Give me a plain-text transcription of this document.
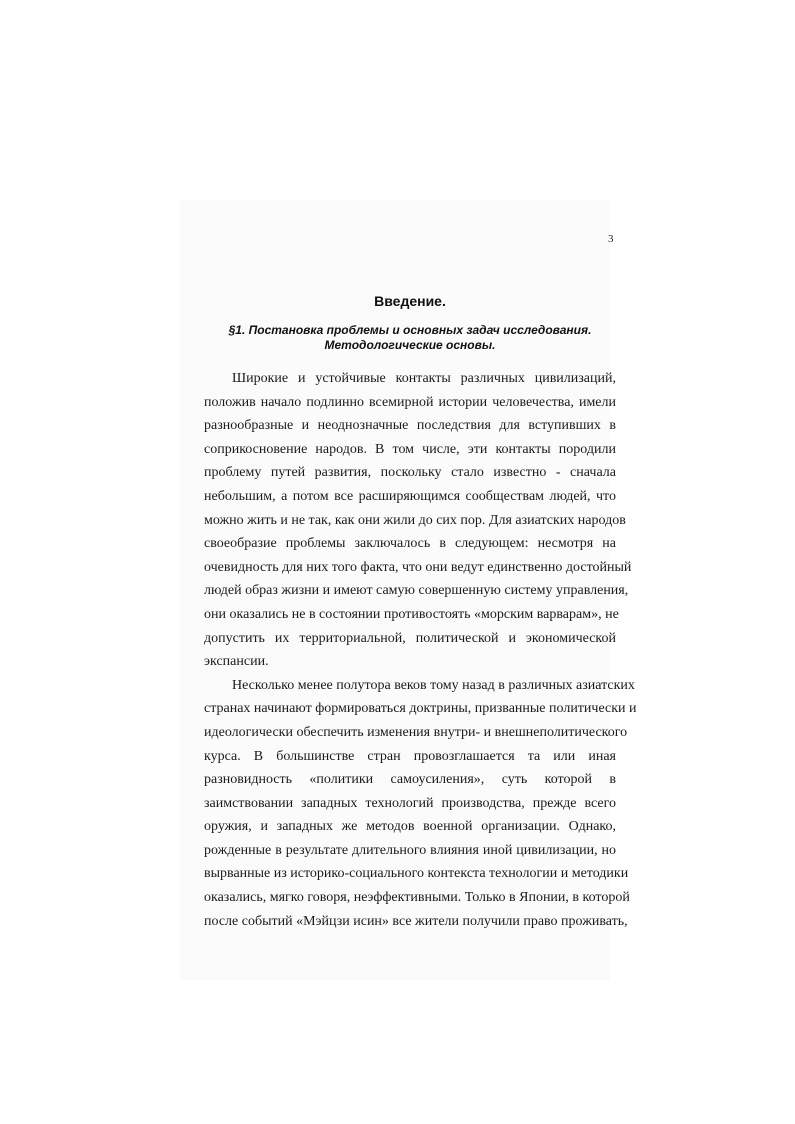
3
Введение.
§1. Постановка проблемы и основных задач исследования.
Методологические основы.
Широкие и устойчивые контакты различных цивилизаций,
положив начало подлинно всемирной истории человечества, имели
разнообразные и неоднозначные последствия для вступивших в
соприкосновение народов. В том числе, эти контакты породили
проблему путей развития, поскольку стало известно - сначала
небольшим, а потом все расширяющимся сообществам людей, что
можно жить и не так, как они жили до сих пор. Для азиатских народов
своеобразие проблемы заключалось в следующем: несмотря на
очевидность для них того факта, что они ведут единственно достойный
людей образ жизни и имеют самую совершенную систему управления,
они оказались не в состоянии противостоять «морским варварам», не
допустить их территориальной, политической и экономической
экспансии.
Несколько менее полутора веков тому назад в различных азиатских
странах начинают формироваться доктрины, призванные политически и
идеологически обеспечить изменения внутри- и внешнеполитического
курса. В большинстве стран провозглашается та или иная
разновидность «политики самоусиления», суть которой в
заимствовании западных технологий производства, прежде всего
оружия, и западных же методов военной организации. Однако,
рожденные в результате длительного влияния иной цивилизации, но
вырванные из историко-социального контекста технологии и методики
оказались, мягко говоря, неэффективными. Только в Японии, в которой
после событий «Мэйцзи исин» все жители получили право проживать,
